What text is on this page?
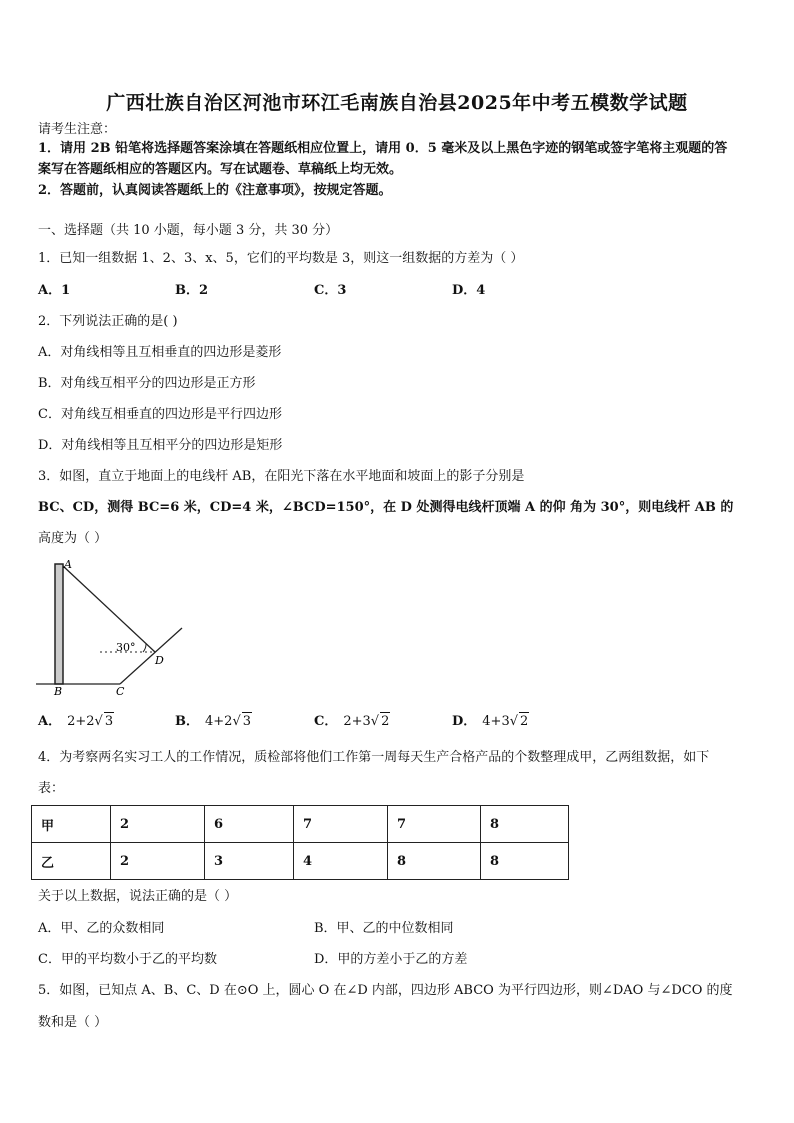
广西壮族自治区河池市环江毛南族自治县2025年中考五模数学试题
请考生注意：
1．请用 2B 铅笔将选择题答案涂填在答题纸相应位置上，请用 0．5 毫米及以上黑色字迹的钢笔或签字笔将主观题的答
案写在答题纸相应的答题区内。写在试题卷、草稿纸上均无效。
2．答题前，认真阅读答题纸上的《注意事项》，按规定答题。
一、选择题（共 10 小题，每小题 3 分，共 30 分）
1．已知一组数据 1、2、3、x、5，它们的平均数是 3，则这一组数据的方差为（ ）
A．1	B．2	C．3	D．4
2．下列说法正确的是( )
A．对角线相等且互相垂直的四边形是菱形
B．对角线互相平分的四边形是正方形
C．对角线互相垂直的四边形是平行四边形
D．对角线相等且互相平分的四边形是矩形
3．如图，直立于地面上的电线杆 AB，在阳光下落在水平地面和坡面上的影子分别是
BC、CD，测得 BC=6 米，CD=4 米，∠BCD=150°，在 D 处测得电线杆顶端 A 的仰 角为 30°，则电线杆 AB 的
高度为（ ）
30°
A
B	C
D
A． 2+2√ 3	B． 4+2√ 3	C． 2+3√ 2	D． 4+3√ 2
4．为考察两名实习工人的工作情况，质检部将他们工作第一周每天生产合格产品的个数整理成甲，乙两组数据，如下
表：
甲	2	6	7	7	8
乙	2	3	4	8	8
关于以上数据，说法正确的是（ ）
A．甲、乙的众数相同	B．甲、乙的中位数相同
C．甲的平均数小于乙的平均数	D．甲的方差小于乙的方差
5．如图，已知点 A、B、C、D 在⊙O 上，圆心 O 在∠D 内部，四边形 ABCO 为平行四边形，则∠DAO 与∠DCO 的度
数和是（ ）
